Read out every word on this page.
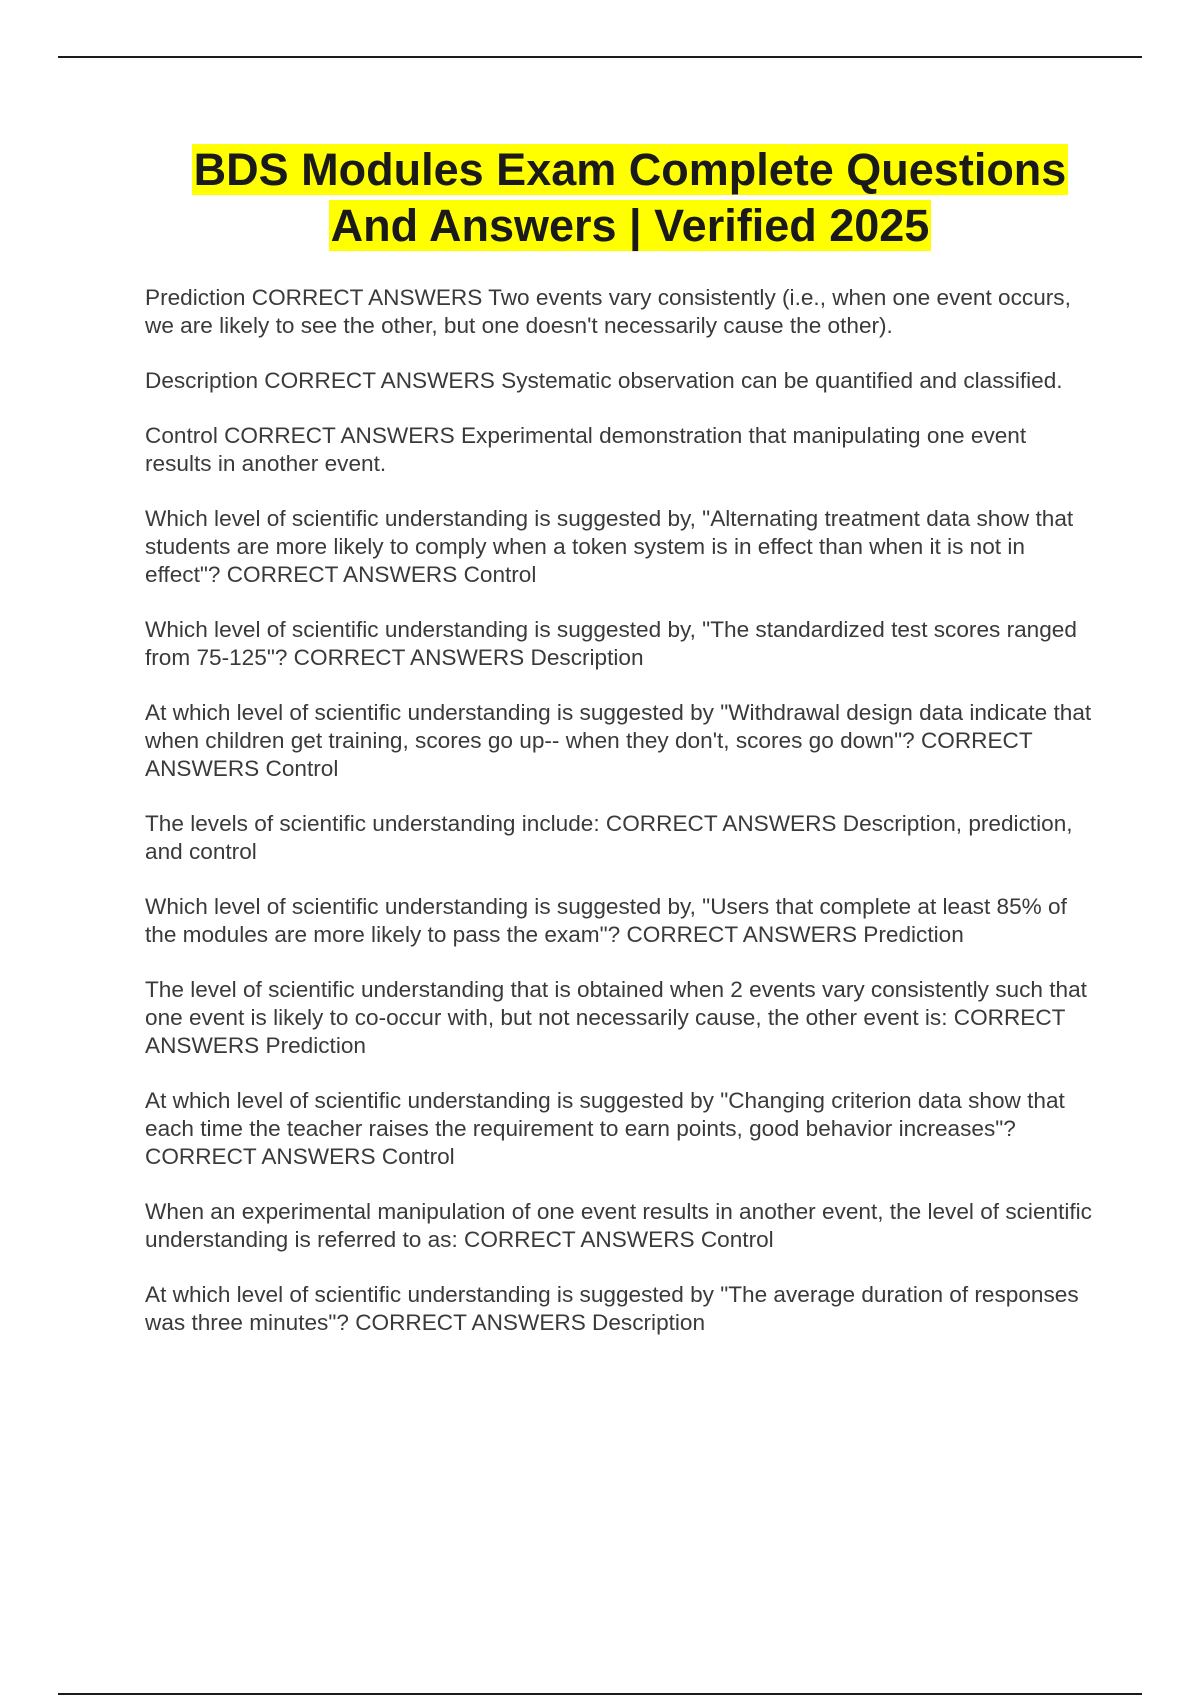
BDS Modules Exam Complete Questions
And Answers | Verified 2025
Prediction CORRECT ANSWERS Two events vary consistently (i.e., when one event occurs, we are likely to see the other, but one doesn't necessarily cause the other).
Description CORRECT ANSWERS Systematic observation can be quantified and classified.
Control CORRECT ANSWERS Experimental demonstration that manipulating one event results in another event.
Which level of scientific understanding is suggested by, "Alternating treatment data show that students are more likely to comply when a token system is in effect than when it is not in effect"? CORRECT ANSWERS Control
Which level of scientific understanding is suggested by, "The standardized test scores ranged from 75-125"? CORRECT ANSWERS Description
At which level of scientific understanding is suggested by "Withdrawal design data indicate that when children get training, scores go up-- when they don't, scores go down"? CORRECT ANSWERS Control
The levels of scientific understanding include: CORRECT ANSWERS Description, prediction, and control
Which level of scientific understanding is suggested by, "Users that complete at least 85% of the modules are more likely to pass the exam"? CORRECT ANSWERS Prediction
The level of scientific understanding that is obtained when 2 events vary consistently such that one event is likely to co-occur with, but not necessarily cause, the other event is: CORRECT ANSWERS Prediction
At which level of scientific understanding is suggested by "Changing criterion data show that each time the teacher raises the requirement to earn points, good behavior increases"? CORRECT ANSWERS Control
When an experimental manipulation of one event results in another event, the level of scientific understanding is referred to as: CORRECT ANSWERS Control
At which level of scientific understanding is suggested by "The average duration of responses was three minutes"? CORRECT ANSWERS Description
